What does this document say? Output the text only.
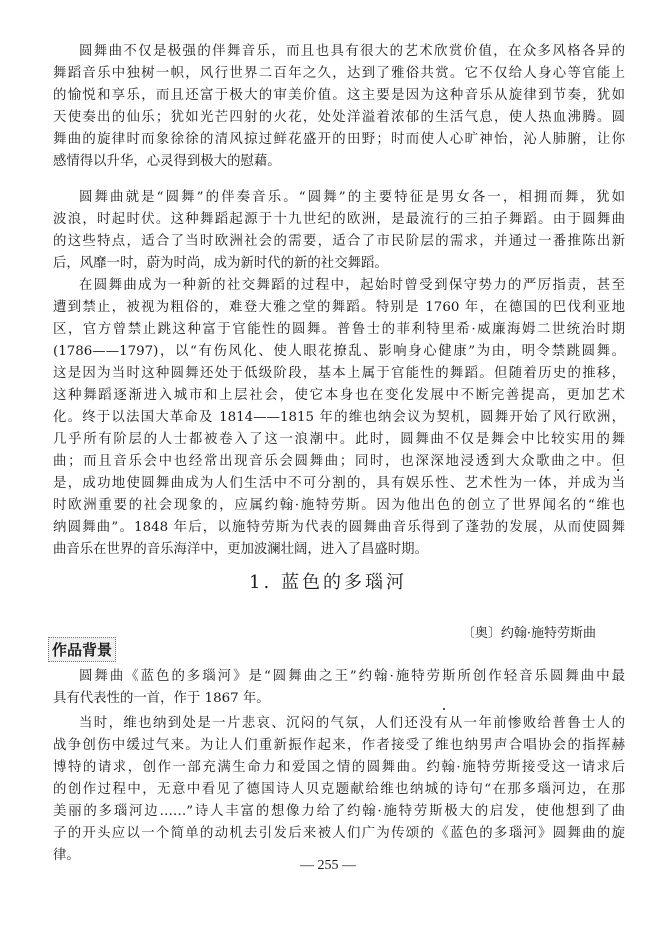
圆舞曲不仅是极强的伴舞音乐，而且也具有很大的艺术欣赏价值，在众多风格各异的
舞蹈音乐中独树一帜，风行世界二百年之久，达到了雅俗共赏。它不仅给人身心等官能上
的愉悦和享乐，而且还富于极大的审美价值。这主要是因为这种音乐从旋律到节奏，犹如
天使奏出的仙乐；犹如光芒四射的火花，处处洋溢着浓郁的生活气息，使人热血沸腾。圆
舞曲的旋律时而象徐徐的清风掠过鲜花盛开的田野；时而使人心旷神怡，沁人肺腑，让你
感情得以升华，心灵得到极大的慰藉。
圆舞曲就是“圆舞”的伴奏音乐。“圆舞”的主要特征是男女各一，相拥而舞，犹如
波浪，时起时伏。这种舞蹈起源于十九世纪的欧洲，是最流行的三拍子舞蹈。由于圆舞曲
的这些特点，适合了当时欧洲社会的需要，适合了市民阶层的需求，并通过一番推陈出新
后，风靡一时，蔚为时尚，成为新时代的新的社交舞蹈。
在圆舞曲成为一种新的社交舞蹈的过程中，起始时曾受到保守势力的严厉指责，甚至
遭到禁止，被视为粗俗的，难登大雅之堂的舞蹈。特别是 1760 年，在德国的巴伐利亚地
区，官方曾禁止跳这种富于官能性的圆舞。普鲁士的菲利特里希·威廉海姆二世统治时期
(1786——1797)，以“有伤风化、使人眼花撩乱、影响身心健康”为由，明令禁跳圆舞。
这是因为当时这种圆舞还处于低级阶段，基本上属于官能性的舞蹈。但随着历史的推移，
这种舞蹈逐渐进入城市和上层社会，使它本身也在变化发展中不断完善提高，更加艺术
化。终于以法国大革命及 1814——1815 年的维也纳会议为契机，圆舞开始了风行欧洲，
几乎所有阶层的人士都被卷入了这一浪潮中。此时，圆舞曲不仅是舞会中比较实用的舞
曲；而且音乐会中也经常出现音乐会圆舞曲；同时，也深深地浸透到大众歌曲之中。但
是，成功地使圆舞曲成为人们生活中不可分割的，具有娱乐性、艺术性为一体，并成为当
时欧洲重要的社会现象的，应属约翰·施特劳斯。因为他出色的创立了世界闻名的“维也
纳圆舞曲”。1848 年后，以施特劳斯为代表的圆舞曲音乐得到了蓬勃的发展，从而使圆舞
曲音乐在世界的音乐海洋中，更加波澜壮阔，进入了昌盛时期。
1. 蓝色的多瑙河
〔奥〕约翰·施特劳斯曲
作品背景
圆舞曲《蓝色的多瑙河》是“圆舞曲之王”约翰·施特劳斯所创作轻音乐圆舞曲中最
具有代表性的一首，作于 1867 年。
当时，维也纳到处是一片悲哀、沉闷的气氛，人们还没有从一年前惨败给普鲁士人的
战争创伤中缓过气来。为让人们重新振作起来，作者接受了维也纳男声合唱协会的指挥赫
博特的请求，创作一部充满生命力和爱国之情的圆舞曲。约翰·施特劳斯接受这一请求后
的创作过程中，无意中看见了德国诗人贝克题献给维也纳城的诗句“在那多瑙河边，在那
美丽的多瑙河边……”诗人丰富的想像力给了约翰·施特劳斯极大的启发，使他想到了曲
子的开头应以一个简单的动机去引发后来被人们广为传颂的《蓝色的多瑙河》圆舞曲的旋
律。
— 255 —
